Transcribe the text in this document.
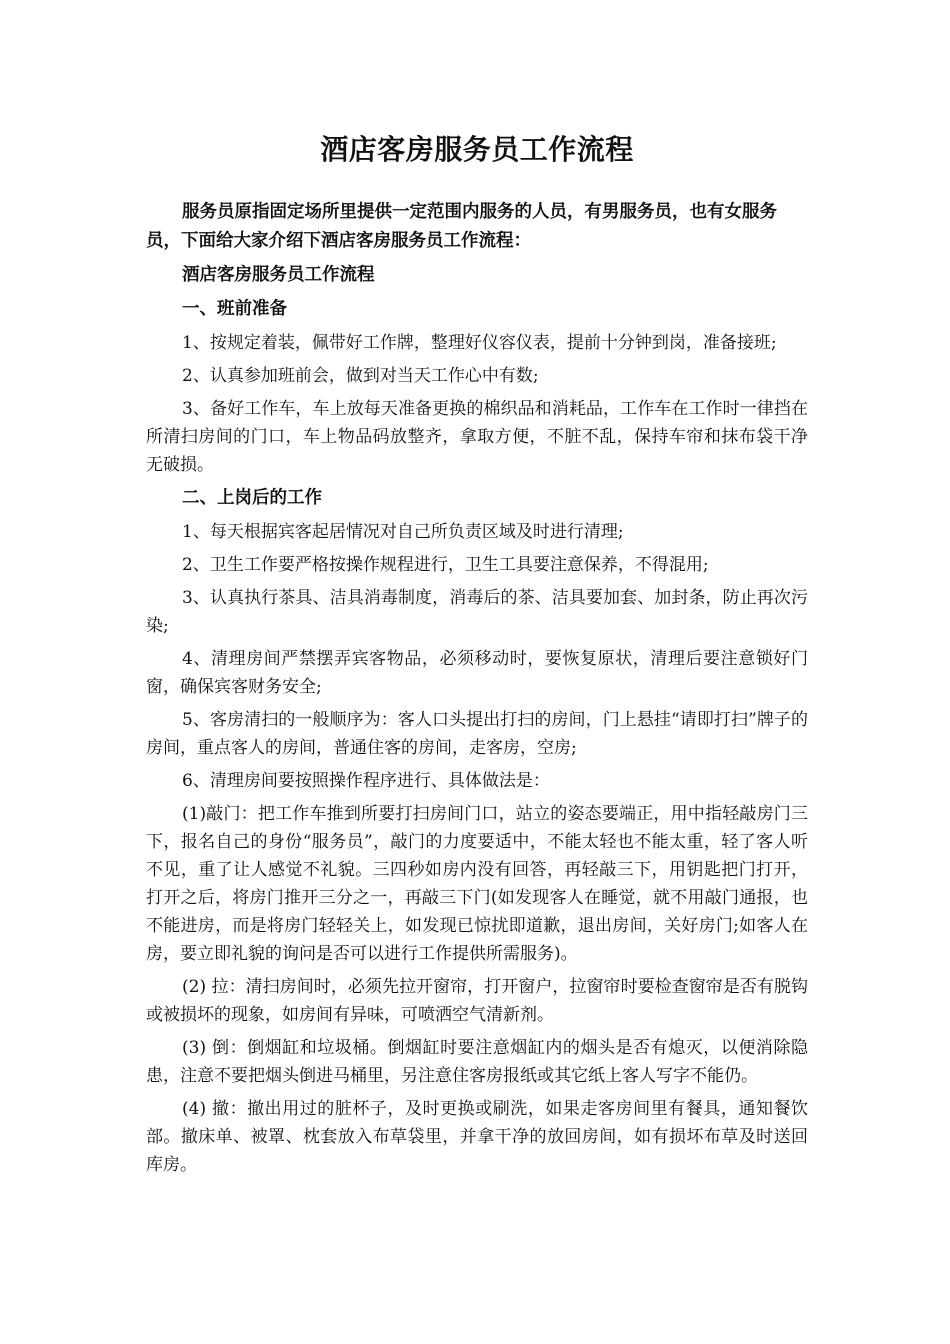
酒店客房服务员工作流程

服务员原指固定场所里提供一定范围内服务的人员，有男服务员，也有女服务员，下面给大家介绍下酒店客房服务员工作流程：

酒店客房服务员工作流程

一、班前准备

1、按规定着装，佩带好工作牌，整理好仪容仪表，提前十分钟到岗，准备接班;

2、认真参加班前会，做到对当天工作心中有数;

3、备好工作车，车上放每天准备更换的棉织品和消耗品，工作车在工作时一律挡在所清扫房间的门口，车上物品码放整齐，拿取方便，不脏不乱，保持车帘和抹布袋干净无破损。

二、上岗后的工作

1、每天根据宾客起居情况对自己所负责区域及时进行清理;

2、卫生工作要严格按操作规程进行，卫生工具要注意保养，不得混用;

3、认真执行茶具、洁具消毒制度，消毒后的茶、洁具要加套、加封条，防止再次污染;

4、清理房间严禁摆弄宾客物品，必须移动时，要恢复原状，清理后要注意锁好门窗，确保宾客财务安全;

5、客房清扫的一般顺序为：客人口头提出打扫的房间，门上悬挂“请即打扫”牌子的房间，重点客人的房间，普通住客的房间，走客房，空房;

6、清理房间要按照操作程序进行、具体做法是：

(1)敲门：把工作车推到所要打扫房间门口，站立的姿态要端正，用中指轻敲房门三下，报名自己的身份“服务员”，敲门的力度要适中，不能太轻也不能太重，轻了客人听不见，重了让人感觉不礼貌。三四秒如房内没有回答，再轻敲三下，用钥匙把门打开，打开之后，将房门推开三分之一，再敲三下门(如发现客人在睡觉，就不用敲门通报，也不能进房，而是将房门轻轻关上，如发现已惊扰即道歉，退出房间，关好房门;如客人在房，要立即礼貌的询问是否可以进行工作提供所需服务)。

(2) 拉：清扫房间时，必须先拉开窗帘，打开窗户，拉窗帘时要检查窗帘是否有脱钩或被损坏的现象，如房间有异味，可喷洒空气清新剂。

(3) 倒：倒烟缸和垃圾桶。倒烟缸时要注意烟缸内的烟头是否有熄灭，以便消除隐患，注意不要把烟头倒进马桶里，另注意住客房报纸或其它纸上客人写字不能仍。

(4) 撤：撤出用过的脏杯子，及时更换或刷洗，如果走客房间里有餐具，通知餐饮部。撤床单、被罩、枕套放入布草袋里，并拿干净的放回房间，如有损坏布草及时送回库房。
